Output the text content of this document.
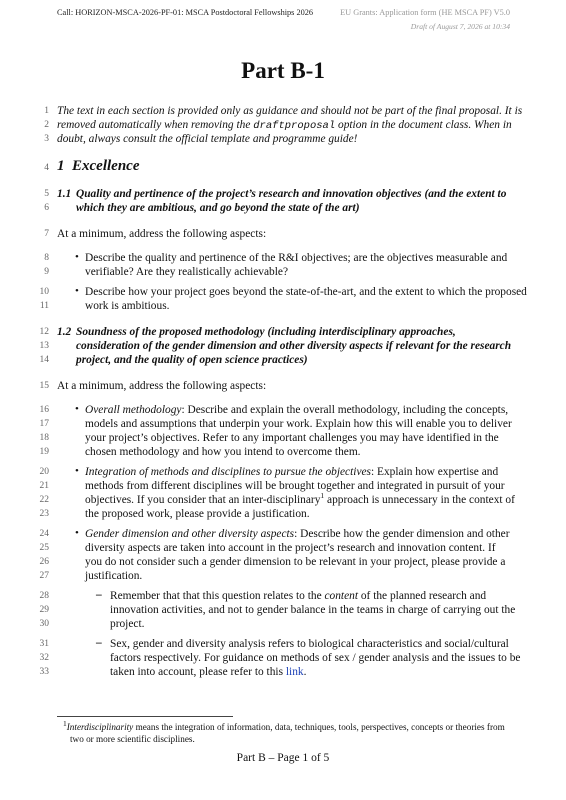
Call: HORIZON-MSCA-2026-PF-01: MSCA Postdoctoral Fellowships 2026	EU Grants: Application form (HE MSCA PF) V5.0
Draft of August 7, 2026 at 10:34
Part B-1
1
2
3
4
5
6
7
8
9
10
11
12
13
14
15
16
17
18
19
20
21
22
23
24
25
26
27
28
29
30
31
32
33
The text in each section is provided only as guidance and should not be part of the final proposal. It is
removed automatically when removing the draftproposal option in the document class. When in
doubt, always consult the official template and programme guide!
1 Excellence
1.1 Quality and pertinence of the project’s research and innovation objectives (and the extent to
which they are ambitious, and go beyond the state of the art)
At a minimum, address the following aspects:
• Describe the quality and pertinence of the R&I objectives; are the objectives measurable and
verifiable? Are they realistically achievable?
• Describe how your project goes beyond the state-of-the-art, and the extent to which the proposed
work is ambitious.
1.2 Soundness of the proposed methodology (including interdisciplinary approaches,
consideration of the gender dimension and other diversity aspects if relevant for the research
project, and the quality of open science practices)
At a minimum, address the following aspects:
• Overall methodology: Describe and explain the overall methodology, including the concepts,
models and assumptions that underpin your work. Explain how this will enable you to deliver
your project’s objectives. Refer to any important challenges you may have identified in the
chosen methodology and how you intend to overcome them.
• Integration of methods and disciplines to pursue the objectives: Explain how expertise and
methods from different disciplines will be brought together and integrated in pursuit of your
objectives. If you consider that an inter-disciplinary$^1$ approach is unnecessary in the context of
the proposed work, please provide a justification.
• Gender dimension and other diversity aspects: Describe how the gender dimension and other
diversity aspects are taken into account in the project’s research and innovation content. If
you do not consider such a gender dimension to be relevant in your project, please provide a
justification.
– Remember that that this question relates to the content of the planned research and
innovation activities, and not to gender balance in the teams in charge of carrying out the
project.
– Sex, gender and diversity analysis refers to biological characteristics and social/cultural
factors respectively. For guidance on methods of sex / gender analysis and the issues to be
taken into account, please refer to this link.
$^1$Interdisciplinarity means the integration of information, data, techniques, tools, perspectives, concepts or theories from
two or more scientific disciplines.
Part B – Page 1 of 5
